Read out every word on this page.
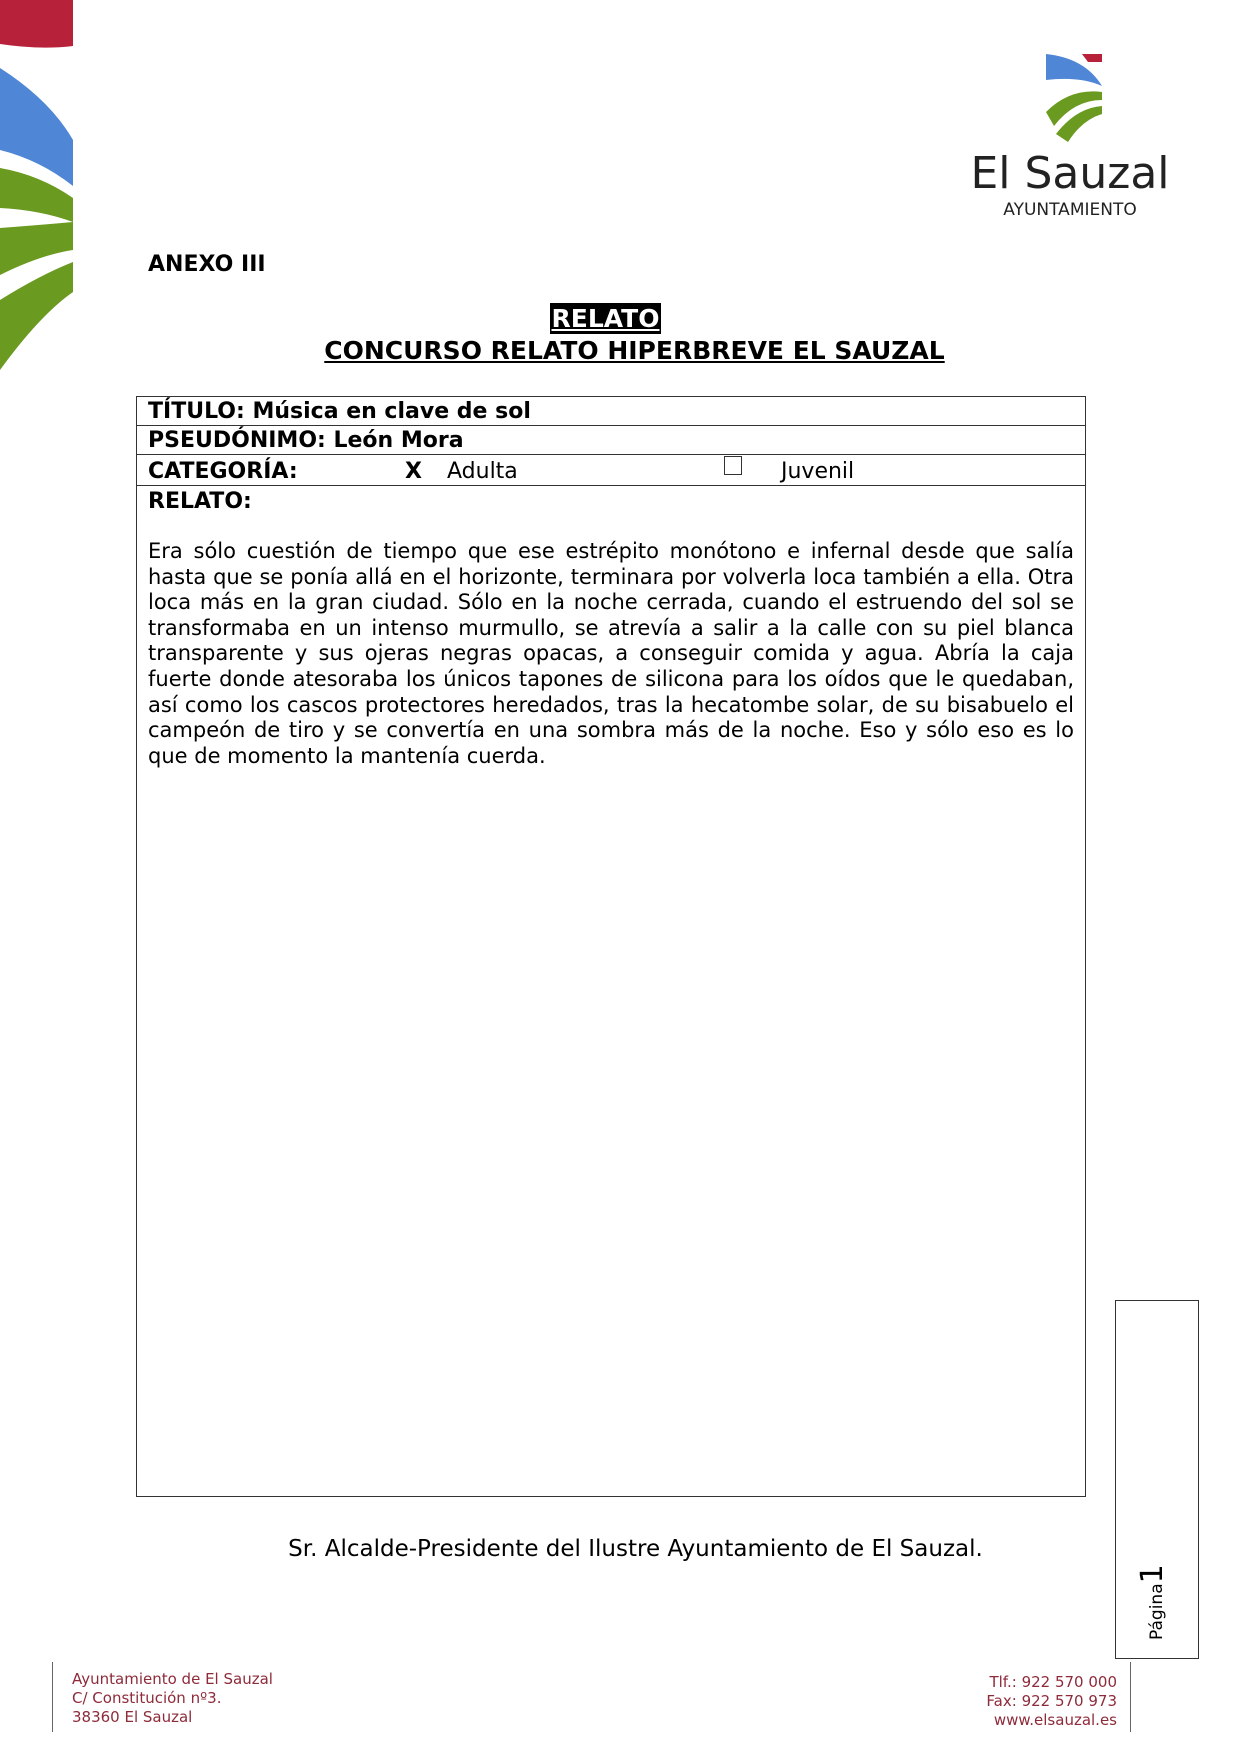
El Sauzal
AYUNTAMIENTO
ANEXO III
RELATO
CONCURSO RELATO HIPERBREVE EL SAUZAL
TÍTULO: Música en clave de sol
PSEUDÓNIMO: León Mora
CATEGORÍA:	X Adulta	Juvenil
RELATO:

Era sólo cuestión de tiempo que ese estrépito monótono e infernal desde que salía hasta que se ponía allá en el horizonte, terminara por volverla loca también a ella. Otra loca más en la gran ciudad. Sólo en la noche cerrada, cuando el estruendo del sol se transformaba en un intenso murmullo, se atrevía a salir a la calle con su piel blanca transparente y sus ojeras negras opacas, a conseguir comida y agua. Abría la caja fuerte donde atesoraba los únicos tapones de silicona para los oídos que le quedaban, así como los cascos protectores heredados, tras la hecatombe solar, de su bisabuelo el campeón de tiro y se convertía en una sombra más de la noche. Eso y sólo eso es lo que de momento la mantenía cuerda.

Sr. Alcalde-Presidente del Ilustre Ayuntamiento de El Sauzal.
Página1
Ayuntamiento de El Sauzal
C/ Constitución nº3.
38360 El Sauzal
Tlf.: 922 570 000
Fax: 922 570 973
www.elsauzal.es
